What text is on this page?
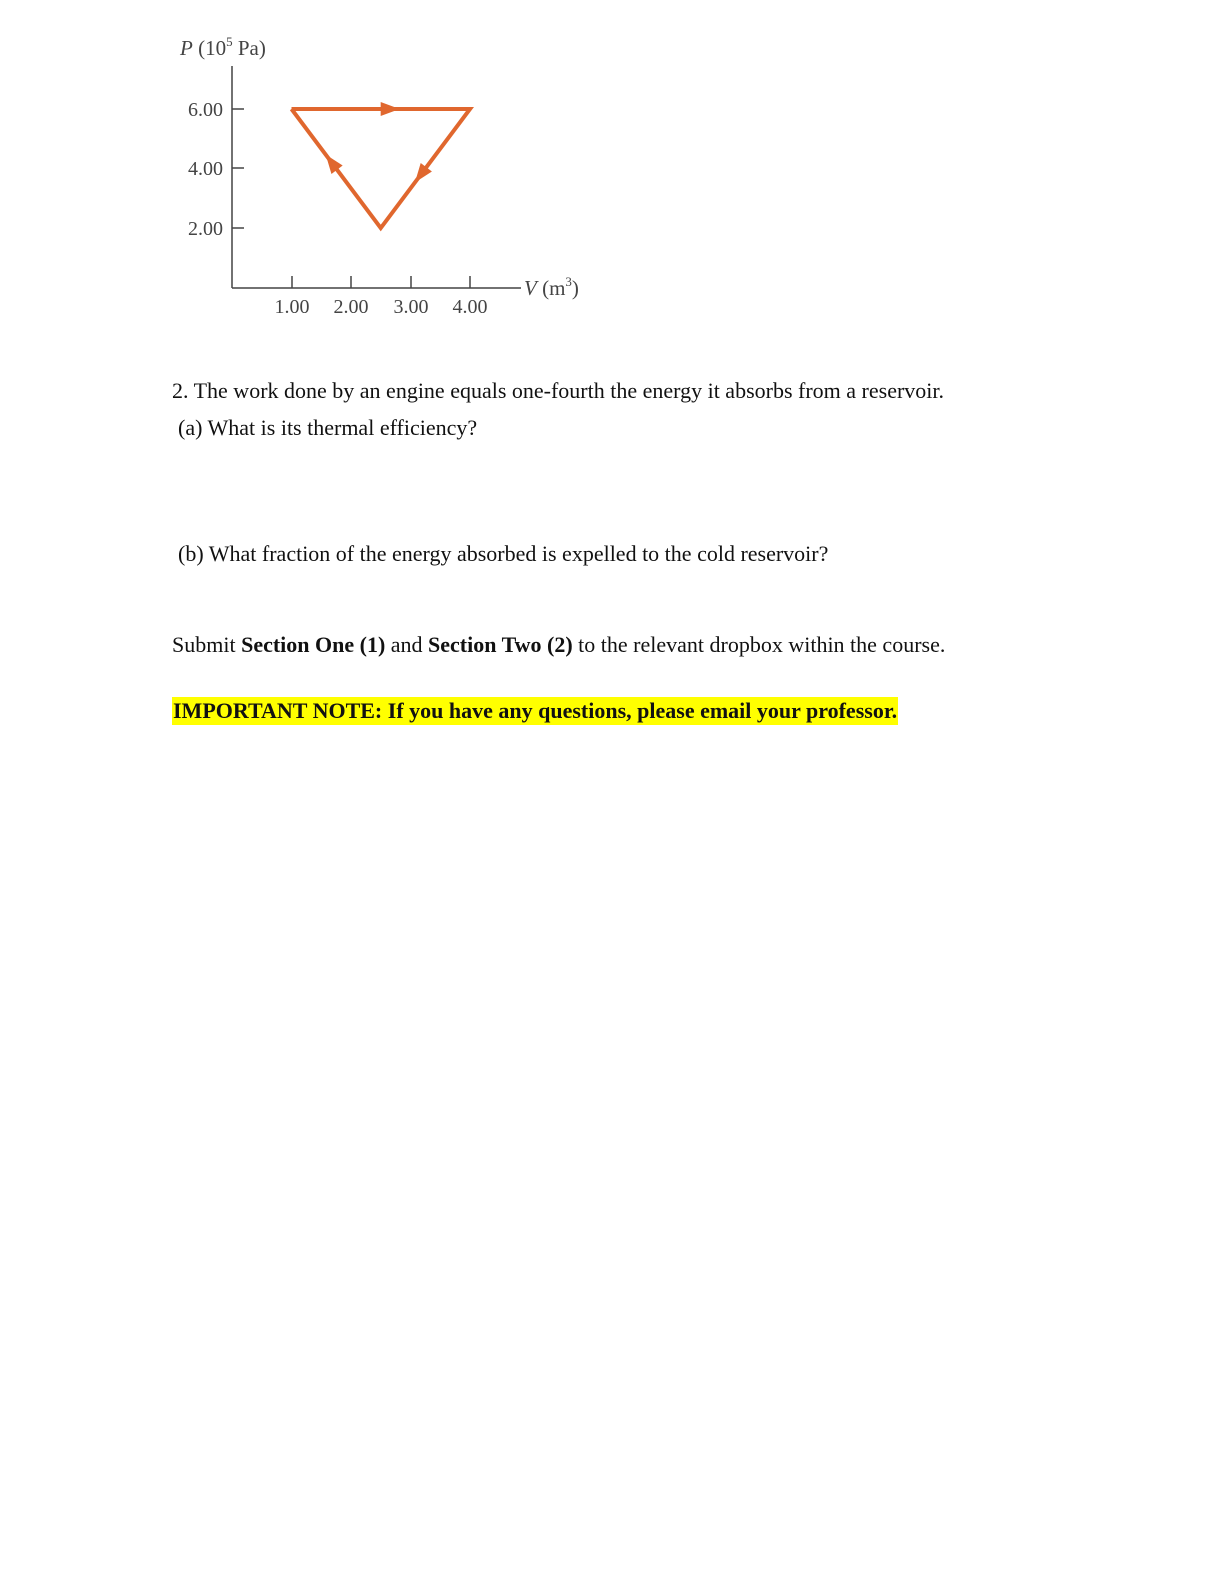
P ($10^5$ Pa)
6.00
4.00
2.00
1.00 2.00 3.00 4.00
V $(m^3)$

2. The work done by an engine equals one-fourth the energy it absorbs from a reservoir.

(a) What is its thermal efficiency?

(b) What fraction of the energy absorbed is expelled to the cold reservoir?

Submit Section One (1) and Section Two (2) to the relevant dropbox within the course.

IMPORTANT NOTE: If you have any questions, please email your professor.
